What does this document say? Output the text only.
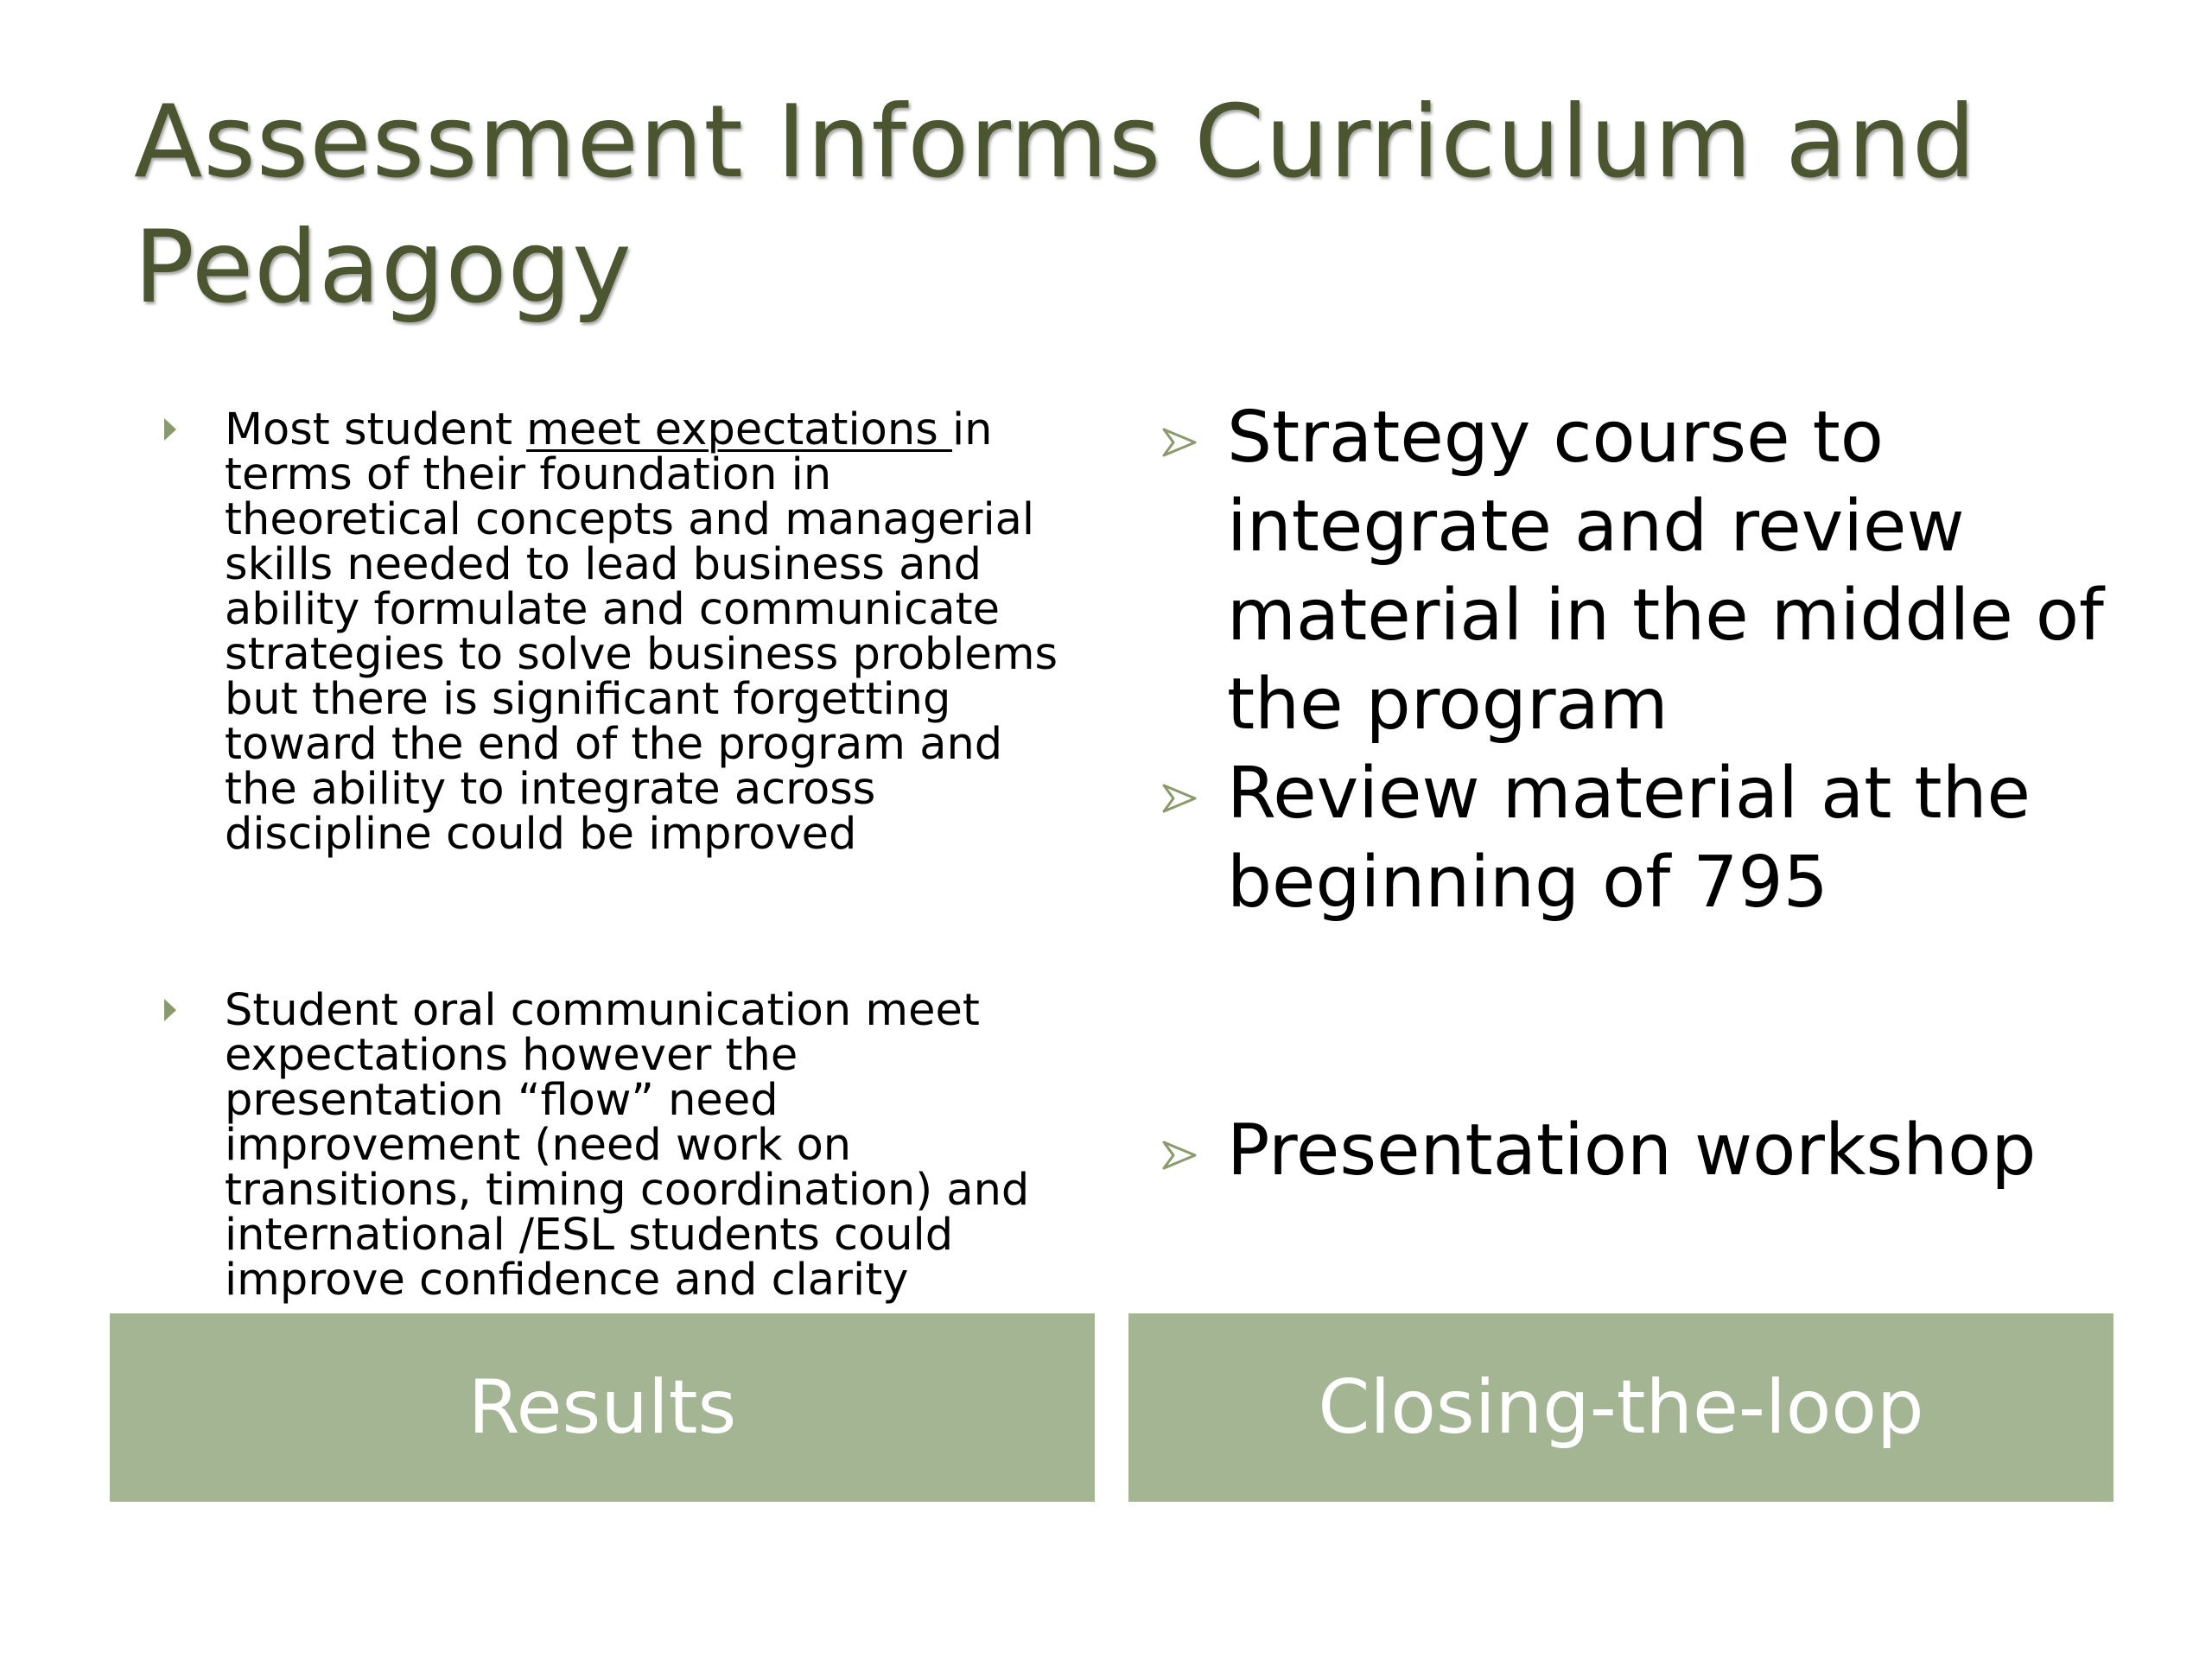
Assessment Informs Curriculum and Pedagogy
Most student meet expectations in terms of their foundation in theoretical concepts and managerial skills needed to lead business and ability formulate and communicate strategies to solve business problems but there is significant forgetting toward the end of the program and the ability to integrate across discipline could be improved
Student oral communication meet expectations however the presentation “flow” need improvement (need work on transitions, timing coordination) and international /ESL students could improve confidence and clarity
Strategy course to integrate and review material in the middle of the program
Review material at the beginning of 795
Presentation workshop
Results	Closing-the-loop
